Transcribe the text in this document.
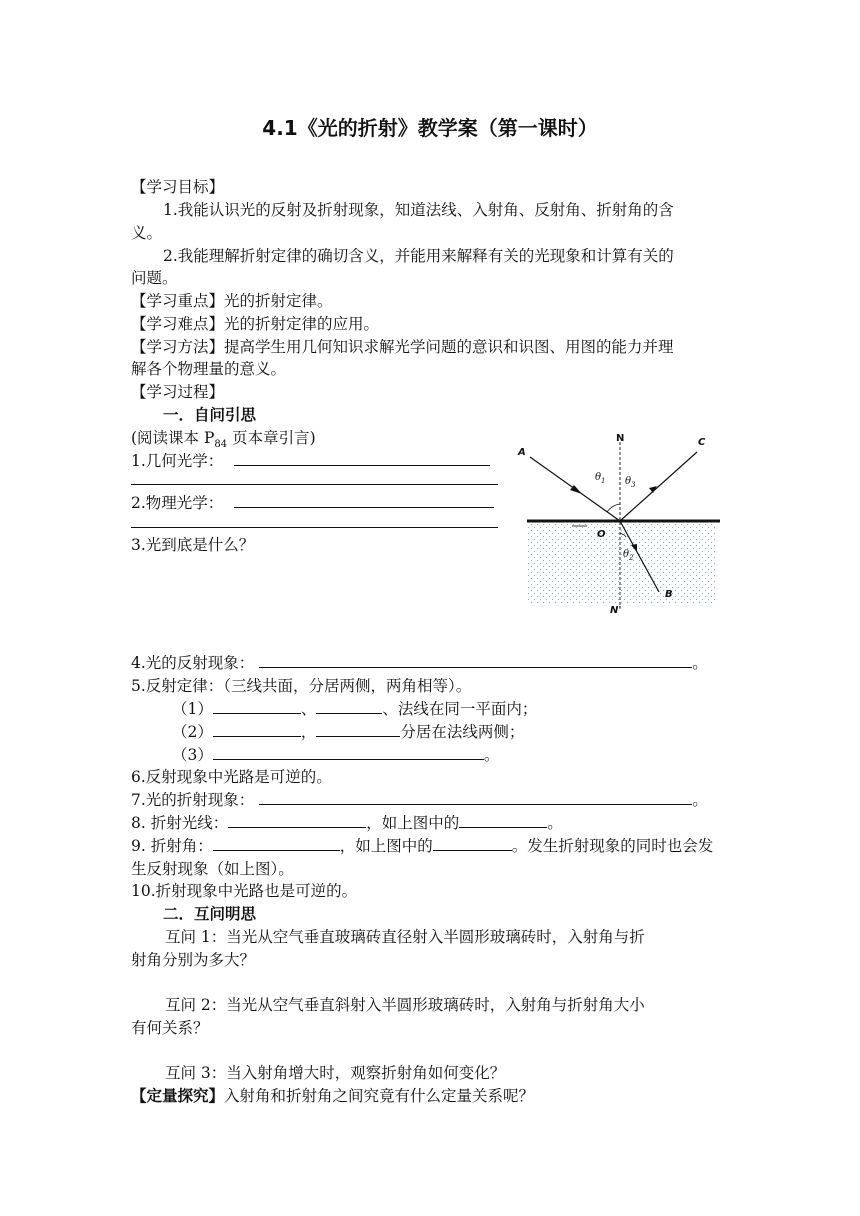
4.1《光的折射》教学案（第一课时）
【学习目标】
1.我能认识光的反射及折射现象，知道法线、入射角、反射角、折射角的含
义。
2.我能理解折射定律的确切含义，并能用来解释有关的光现象和计算有关的
问题。
【学习重点】光的折射定律。
【学习难点】光的折射定律的应用。
【学习方法】提高学生用几何知识求解光学问题的意识和识图、用图的能力并理
解各个物理量的意义。
【学习过程】
一．自问引思
(阅读课本 $P_{84}$ 页本章引言)
1.几何光学：
2.物理光学：
3.光到底是什么？
N	C
A
O
B
N'
$\theta_1$ $\theta_3$
$\theta_2$
4.光的反射现象：	。
5.反射定律：（三线共面，分居两侧，两角相等）。
（1）	、	、法线在同一平面内；
（2）	，	分居在法线两侧；
（3）	。
6.反射现象中光路是可逆的。
7.光的折射现象：	。
8. 折射光线：	，如上图中的	。
9. 折射角：	，如上图中的	。发生折射现象的同时也会发
生反射现象（如上图）。
10.折射现象中光路也是可逆的。
二．互问明思
互问 1：当光从空气垂直玻璃砖直径射入半圆形玻璃砖时，入射角与折
射角分别为多大？
互问 2：当光从空气垂直斜射入半圆形玻璃砖时，入射角与折射角大小
有何关系？
互问 3：当入射角增大时，观察折射角如何变化？
【定量探究】入射角和折射角之间究竟有什么定量关系呢？
